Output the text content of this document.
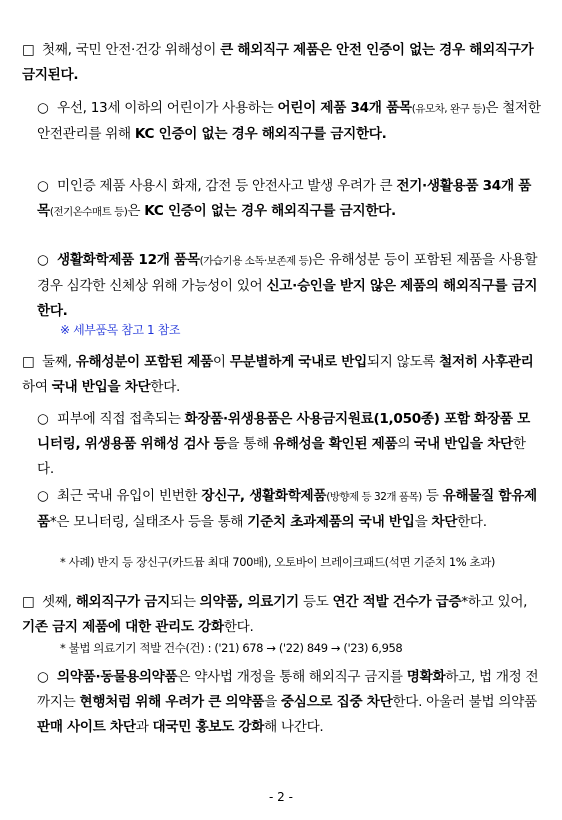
□ 첫째, 국민 안전·건강 위해성이 큰 해외직구 제품은 안전 인증이 없는 경우 해외직구가 금지된다.
○ 우선, 13세 이하의 어린이가 사용하는 어린이 제품 34개 품목(유모차, 완구 등)은 철저한 안전관리를 위해 KC 인증이 없는 경우 해외직구를 금지한다.
○ 미인증 제품 사용시 화재, 감전 등 안전사고 발생 우려가 큰 전기·생활용품 34개 품목(전기온수매트 등)은 KC 인증이 없는 경우 해외직구를 금지한다.
○ 생활화학제품 12개 품목(가습기용 소독·보존제 등)은 유해성분 등이 포함된 제품을 사용할 경우 심각한 신체상 위해 가능성이 있어 신고·승인을 받지 않은 제품의 해외직구를 금지한다.
※ 세부품목 참고 1 참조
□ 둘째, 유해성분이 포함된 제품이 무분별하게 국내로 반입되지 않도록 철저히 사후관리하여 국내 반입을 차단한다.
○ 피부에 직접 접촉되는 화장품·위생용품은 사용금지원료(1,050종) 포함 화장품 모니터링, 위생용품 위해성 검사 등을 통해 유해성을 확인된 제품의 국내 반입을 차단한다.
○ 최근 국내 유입이 빈번한 장신구, 생활화학제품(방향제 등 32개 품목) 등 유해물질 함유제품*은 모니터링, 실태조사 등을 통해 기준치 초과제품의 국내 반입을 차단한다.
* 사례) 반지 등 장신구(카드뮴 최대 700배), 오토바이 브레이크패드(석면 기준치 1% 초과)
□ 셋째, 해외직구가 금지되는 의약품, 의료기기 등도 연간 적발 건수가 급증*하고 있어, 기존 금지 제품에 대한 관리도 강화한다.
* 불법 의료기기 적발 건수(건) : ('21) 678 → ('22) 849 → ('23) 6,958
○ 의약품·동물용의약품은 약사법 개정을 통해 해외직구 금지를 명확화하고, 법 개정 전까지는 현행처럼 위해 우려가 큰 의약품을 중심으로 집중 차단한다. 아울러 불법 의약품 판매 사이트 차단과 대국민 홍보도 강화해 나간다.
- 2 -
